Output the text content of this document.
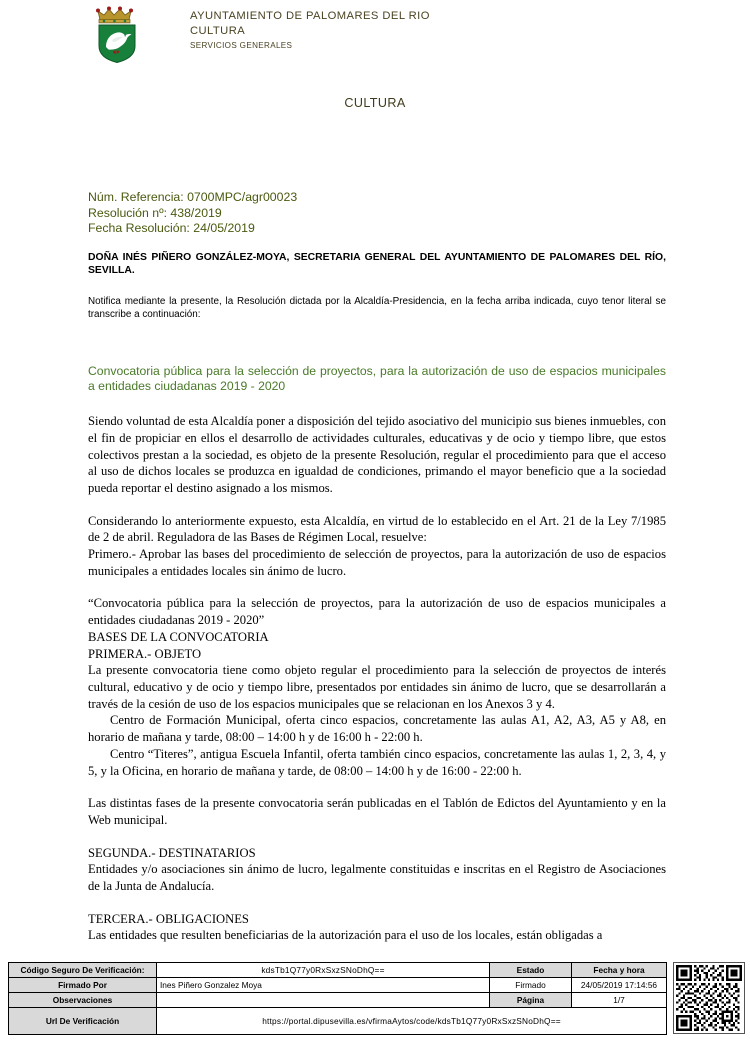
AYUNTAMIENTO DE PALOMARES DEL RIO
CULTURA
SERVICIOS GENERALES
CULTURA
Núm. Referencia: 0700MPC/agr00023
Resolución nº: 438/2019
Fecha Resolución: 24/05/2019
DOÑA INÉS PIÑERO GONZÁLEZ-MOYA, SECRETARIA GENERAL DEL AYUNTAMIENTO DE PALOMARES DEL RÍO, SEVILLA.
Notifica mediante la presente, la Resolución dictada por la Alcaldía-Presidencia, en la fecha arriba indicada, cuyo tenor literal se transcribe a continuación:
Convocatoria pública para la selección de proyectos, para la autorización de uso de espacios municipales a entidades ciudadanas 2019 - 2020

Siendo voluntad de esta Alcaldía poner a disposición del tejido asociativo del municipio sus bienes inmuebles, con el fin de propiciar en ellos el desarrollo de actividades culturales, educativas y de ocio y tiempo libre, que estos colectivos prestan a la sociedad, es objeto de la presente Resolución, regular el procedimiento para que el acceso al uso de dichos locales se produzca en igualdad de condiciones, primando el mayor beneficio que a la sociedad pueda reportar el destino asignado a los mismos.

Considerando lo anteriormente expuesto, esta Alcaldía, en virtud de lo establecido en el Art. 21 de la Ley 7/1985 de 2 de abril. Reguladora de las Bases de Régimen Local, resuelve:

Primero.- Aprobar las bases del procedimiento de selección de proyectos, para la autorización de uso de espacios municipales a entidades locales sin ánimo de lucro.

“Convocatoria pública para la selección de proyectos, para la autorización de uso de espacios municipales a entidades ciudadanas 2019 - 2020”

BASES DE LA CONVOCATORIA

PRIMERA.- OBJETO

La presente convocatoria tiene como objeto regular el procedimiento para la selección de proyectos de interés cultural, educativo y de ocio y tiempo libre, presentados por entidades sin ánimo de lucro, que se desarrollarán a través de la cesión de uso de los espacios municipales que se relacionan en los Anexos 3 y 4.

Centro de Formación Municipal, oferta cinco espacios, concretamente las aulas A1, A2, A3, A5 y A8, en horario de mañana y tarde, 08:00 – 14:00 h y de 16:00 h - 22:00 h.

Centro “Titeres”, antigua Escuela Infantil, oferta también cinco espacios, concretamente las aulas 1, 2, 3, 4, y 5, y la Oficina, en horario de mañana y tarde, de 08:00 – 14:00 h y de 16:00 - 22:00 h.

Las distintas fases de la presente convocatoria serán publicadas en el Tablón de Edictos del Ayuntamiento y en la Web municipal.

SEGUNDA.- DESTINATARIOS

Entidades y/o asociaciones sin ánimo de lucro, legalmente constituidas e inscritas en el Registro de Asociaciones de la Junta de Andalucía.

TERCERA.- OBLIGACIONES

Las entidades que resulten beneficiarias de la autorización para el uso de los locales, están obligadas a

Código Seguro De Verificación:	kdsTb1Q77y0RxSxzSNoDhQ==	Estado	Fecha y hora
Firmado Por	Ines Piñero Gonzalez Moya	Firmado	24/05/2019 17:14:56
Observaciones		Página	1/7
Url De Verificación	https://portal.dipusevilla.es/vfirmaAytos/code/kdsTb1Q77y0RxSxzSNoDhQ==		
